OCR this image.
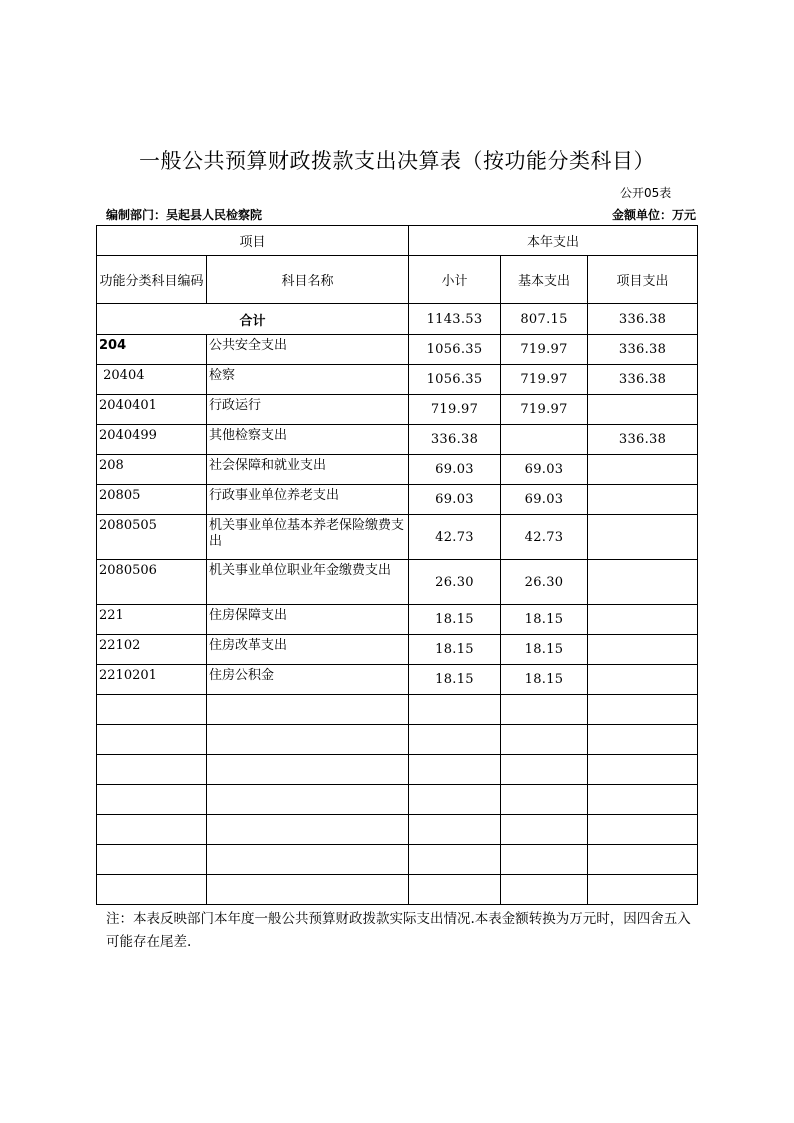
一般公共预算财政拨款支出决算表（按功能分类科目）
公开05表
编制部门：吴起县人民检察院	金额单位：万元
项目		本年支出		
功能分类科目编码	科目名称	小计	基本支出	项目支出
合计		1143.53	807.15	336.38
204	公共安全支出	1056.35	719.97	336.38
20404	检察	1056.35	719.97	336.38
2040401	行政运行	719.97	719.97	
2040499	其他检察支出	336.38		336.38
208	社会保障和就业支出	69.03	69.03	
20805	行政事业单位养老支出	69.03	69.03	
2080505	机关事业单位基本养老保险缴费支出	42.73	42.73	
2080506	机关事业单位职业年金缴费支出	26.30	26.30	
221	住房保障支出	18.15	18.15	
22102	住房改革支出	18.15	18.15	
2210201	住房公积金	18.15	18.15	

注：本表反映部门本年度一般公共预算财政拨款实际支出情况.本表金额转换为万元时，因四舍五入可能存在尾差.
